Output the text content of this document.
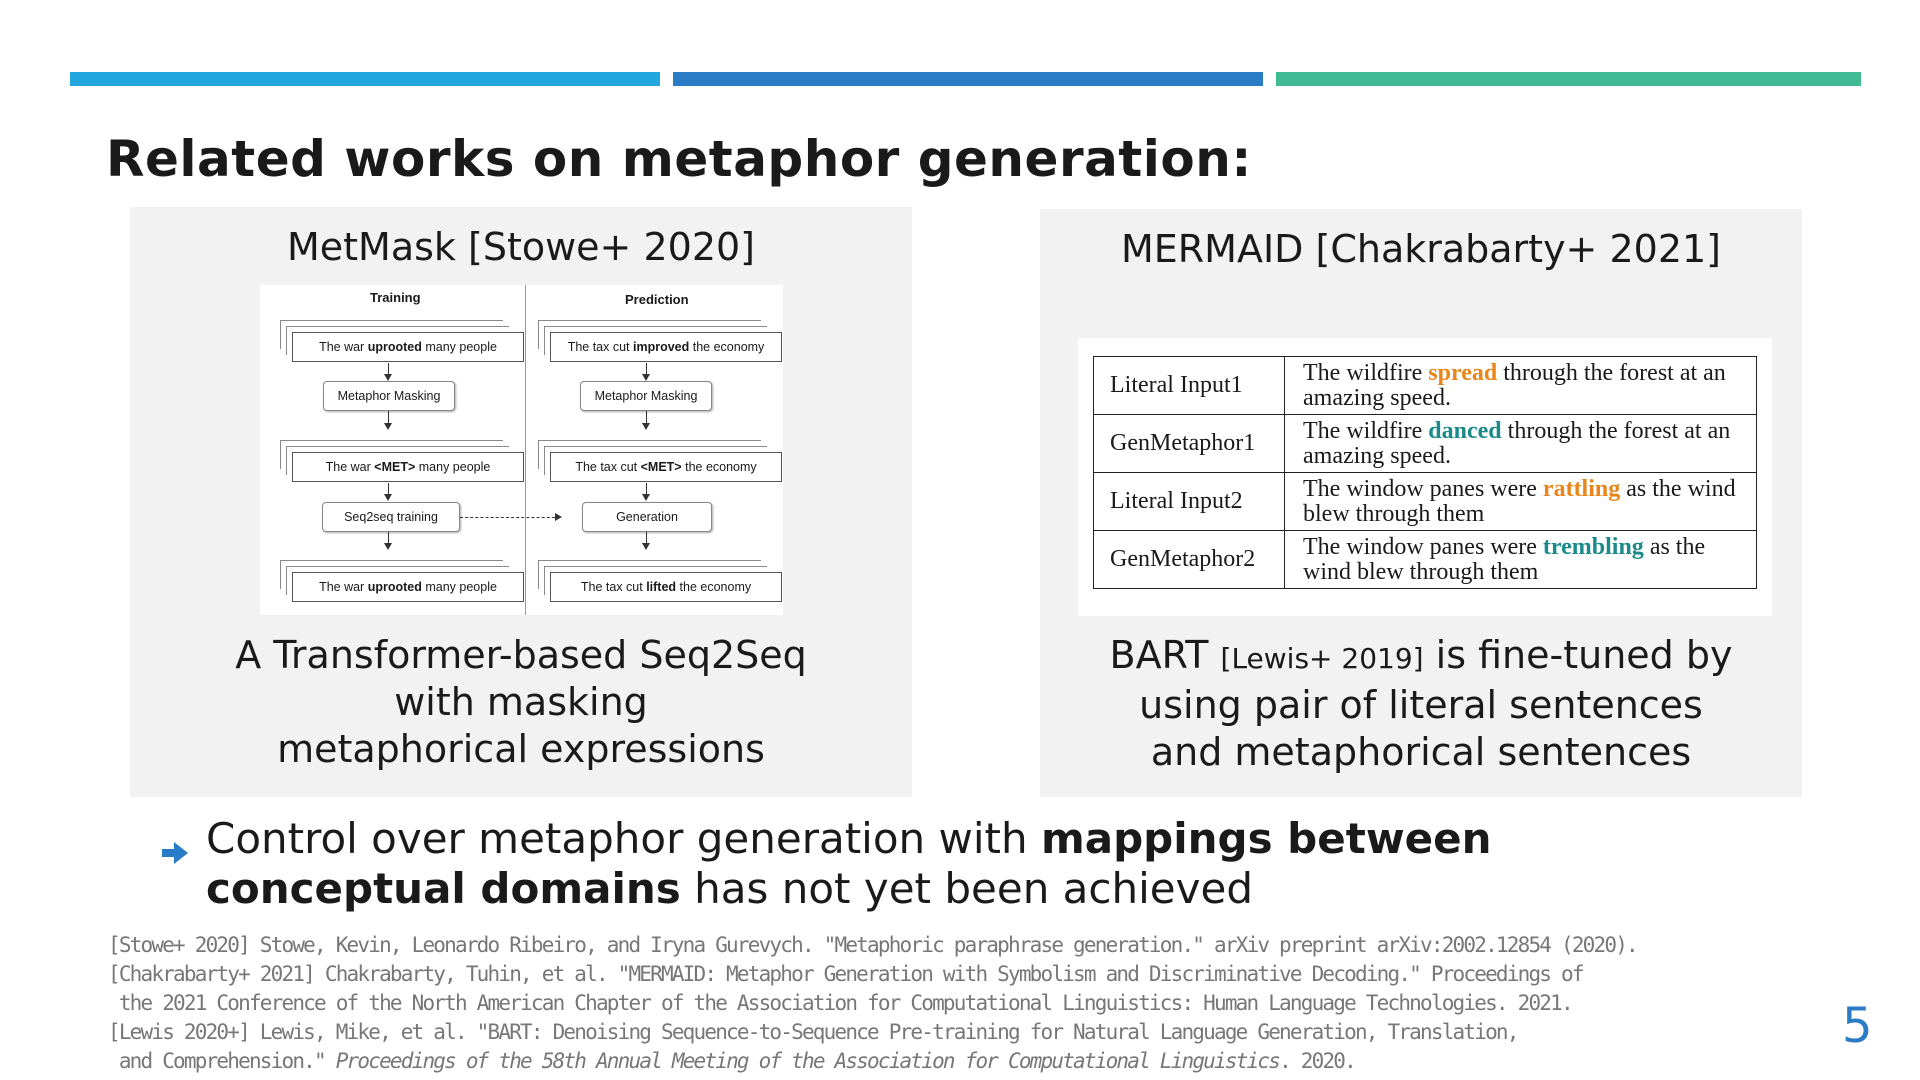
Related works on metaphor generation:
MetMask [Stowe+ 2020]
Training	Prediction
The war uprooted many people
Metaphor Masking
The war <MET> many people
Seq2seq training
The war uprooted many people
The tax cut improved the economy
Metaphor Masking
The tax cut <MET> the economy
Generation
The tax cut lifted the economy
A Transformer-based Seq2Seq
with masking
metaphorical expressions
MERMAID [Chakrabarty+ 2021]
Literal Input1	The wildfire spread through the forest at an amazing speed.
GenMetaphor1	The wildfire danced through the forest at an amazing speed.
Literal Input2	The window panes were rattling as the wind blew through them
GenMetaphor2	The window panes were trembling as the wind blew through them
BART [Lewis+ 2019] is fine-tuned by
using pair of literal sentences
and metaphorical sentences
Control over metaphor generation with mappings between
conceptual domains has not yet been achieved
[Stowe+ 2020] Stowe, Kevin, Leonardo Ribeiro, and Iryna Gurevych. "Metaphoric paraphrase generation." arXiv preprint arXiv:2002.12854 (2020).
[Chakrabarty+ 2021] Chakrabarty, Tuhin, et al. "MERMAID: Metaphor Generation with Symbolism and Discriminative Decoding." Proceedings of
the 2021 Conference of the North American Chapter of the Association for Computational Linguistics: Human Language Technologies. 2021.
[Lewis 2020+] Lewis, Mike, et al. "BART: Denoising Sequence-to-Sequence Pre-training for Natural Language Generation, Translation,
and Comprehension." Proceedings of the 58th Annual Meeting of the Association for Computational Linguistics. 2020.
5
